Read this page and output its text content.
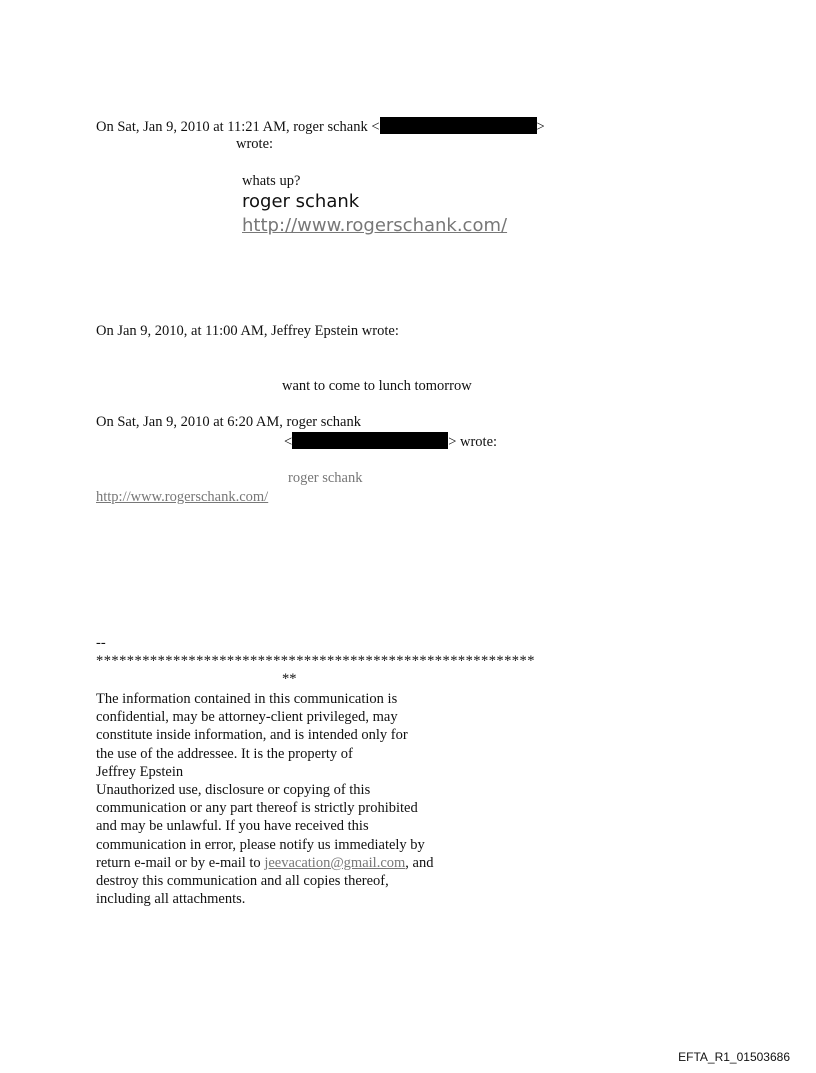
On Sat, Jan 9, 2010 at 11:21 AM, roger schank <	>
wrote:
whats up?
roger schank
http://www.rogerschank.com/
On Jan 9, 2010, at 11:00 AM, Jeffrey Epstein wrote:
want to come to lunch tomorrow
On Sat, Jan 9, 2010 at 6:20 AM, roger schank
<	> wrote:
roger schank
http://www.rogerschank.com/
--
*********************************************************
**
The information contained in this communication is
confidential, may be attorney-client privileged, may
constitute inside information, and is intended only for
the use of the addressee. It is the property of
Jeffrey Epstein
Unauthorized use, disclosure or copying of this
communication or any part thereof is strictly prohibited
and may be unlawful. If you have received this
communication in error, please notify us immediately by
return e-mail or by e-mail to jeevacation@gmail.com, and
destroy this communication and all copies thereof,
including all attachments.
EFTA_R1_01503686
